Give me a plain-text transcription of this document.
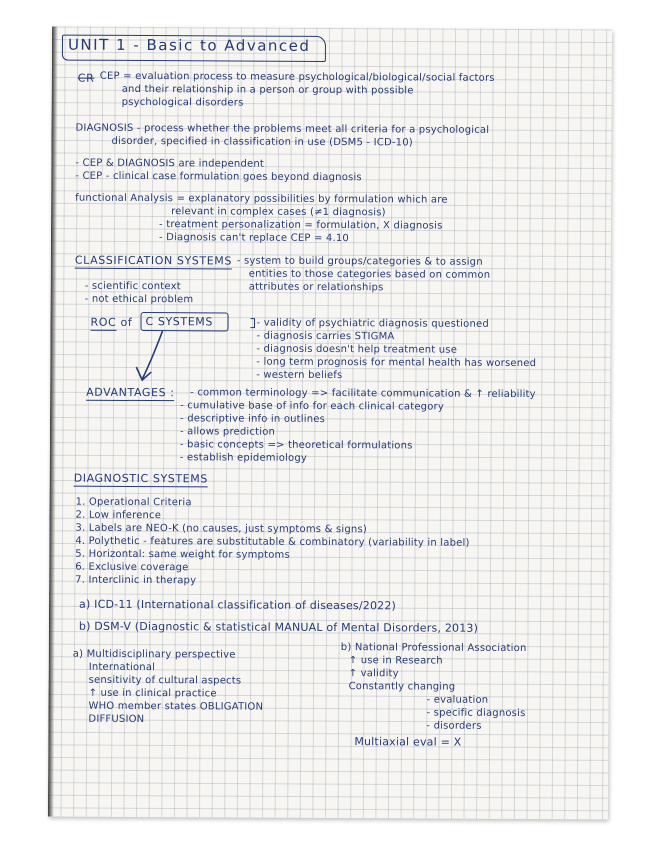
UNIT 1 - Basic to Advanced
CR CEP = evaluation process to measure psychological/biological/social factors
and their relationship in a person or group with possible
psychological disorders
DIAGNOSIS - process whether the problems meet all criteria for a psychological
disorder, specified in classification in use (DSM5 - ICD-10)
- CEP & DIAGNOSIS are independent
- CEP - clinical case formulation goes beyond diagnosis
functional Analysis = explanatory possibilities by formulation which are
relevant in complex cases (≠1 diagnosis)
- treatment personalization = formulation, X diagnosis
- Diagnosis can't replace CEP = 4.10
CLASSIFICATION SYSTEMS - system to build groups/categories & to assign
entities to those categories based on common
attributes or relationships
- scientific context
- not ethical problem
ROC of C SYSTEMS	- validity of psychiatric diagnosis questioned
- diagnosis carries STIGMA
- diagnosis doesn't help treatment use
- long term prognosis for mental health has worsened
- western beliefs
ADVANTAGES : - common terminology => facilitate communication & ↑ reliability
- cumulative base of info for each clinical category
- descriptive info in outlines
- allows prediction
- basic concepts => theoretical formulations
- establish epidemiology
DIAGNOSTIC SYSTEMS
1. Operational Criteria
2. Low inference
3. Labels are NEO-K (no causes, just symptoms & signs)
4. Polythetic - features are substitutable & combinatory (variability in label)
5. Horizontal: same weight for symptoms
6. Exclusive coverage
7. Interclinic in therapy
a) ICD-11 (International classification of diseases/2022)
b) DSM-V (Diagnostic & statistical MANUAL of Mental Disorders, 2013)
a) Multidisciplinary perspective
International
sensitivity of cultural aspects
↑ use in clinical practice
WHO member states OBLIGATION
DIFFUSION
b) National Professional Association
↑ use in Research
↑ validity
Constantly changing
- evaluation
- specific diagnosis
- disorders
Multiaxial eval = X
